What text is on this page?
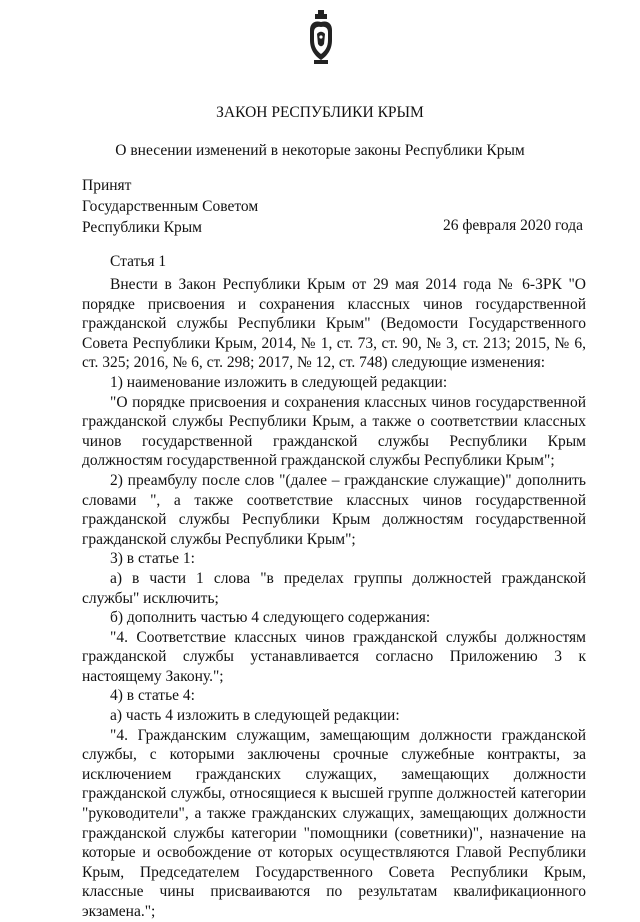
ЗАКОН РЕСПУБЛИКИ КРЫМ
О внесении изменений в некоторые законы Республики Крым
Принят
Государственным Советом
Республики Крым	26 февраля 2020 года
Статья 1

Внести в Закон Республики Крым от 29 мая 2014 года № 6-ЗРК "О порядке присвоения и сохранения классных чинов государственной гражданской службы Республики Крым" (Ведомости Государственного Совета Республики Крым, 2014, № 1, ст. 73, ст. 90, № 3, ст. 213; 2015, № 6, ст. 325; 2016, № 6, ст. 298; 2017, № 12, ст. 748) следующие изменения:

1) наименование изложить в следующей редакции:

"О порядке присвоения и сохранения классных чинов государственной гражданской службы Республики Крым, а также о соответствии классных чинов государственной гражданской службы Республики Крым должностям государственной гражданской службы Республики Крым";

2) преамбулу после слов "(далее – гражданские служащие)" дополнить словами ", а также соответствие классных чинов государственной гражданской службы Республики Крым должностям государственной гражданской службы Республики Крым";

3) в статье 1:

а) в части 1 слова "в пределах группы должностей гражданской службы" исключить;

б) дополнить частью 4 следующего содержания:

"4. Соответствие классных чинов гражданской службы должностям гражданской службы устанавливается согласно Приложению 3 к настоящему Закону.";

4) в статье 4:

а) часть 4 изложить в следующей редакции:

"4. Гражданским служащим, замещающим должности гражданской службы, с которыми заключены срочные служебные контракты, за исключением гражданских служащих, замещающих должности гражданской службы, относящиеся к высшей группе должностей категории "руководители", а также гражданских служащих, замещающих должности гражданской службы категории "помощники (советники)", назначение на которые и освобождение от которых осуществляются Главой Республики Крым, Председателем Государственного Совета Республики Крым, классные чины присваиваются по результатам квалификационного экзамена.";
